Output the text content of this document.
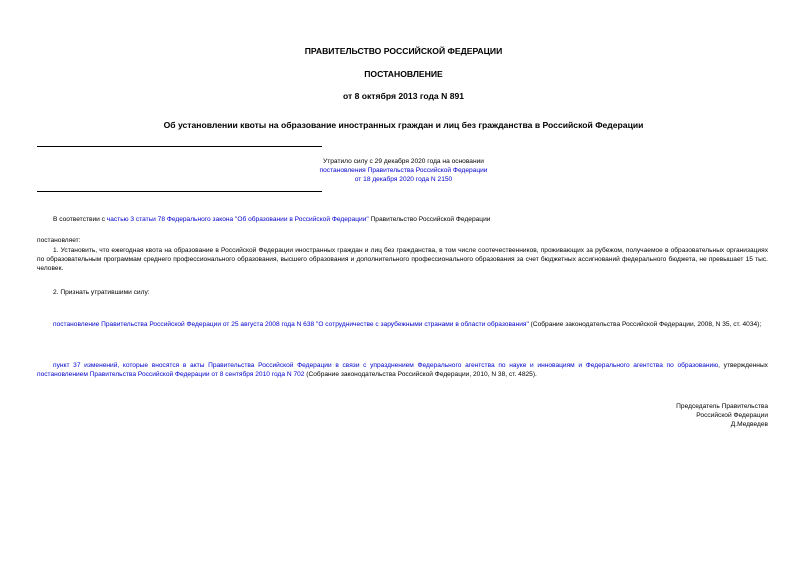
ПРАВИТЕЛЬСТВО РОССИЙСКОЙ ФЕДЕРАЦИИ
ПОСТАНОВЛЕНИЕ
от 8 октября 2013 года N 891
Об установлении квоты на образование иностранных граждан и лиц без гражданства в Российской Федерации
Утратило силу с 29 декабря 2020 года на основании
постановления Правительства Российской Федерации
от 18 декабря 2020 года N 2150
В соответствии с частью 3 статьи 78 Федерального закона "Об образовании в Российской Федерации" Правительство Российской Федерации
постановляет:
1. Установить, что ежегодная квота на образование в Российской Федерации иностранных граждан и лиц без гражданства, в том числе соотечественников, проживающих за рубежом, получаемое в образовательных организациях по образовательным программам среднего профессионального образования, высшего образования и дополнительного профессионального образования за счет бюджетных ассигнований федерального бюджета, не превышает 15 тыс. человек.
2. Признать утратившими силу:
постановление Правительства Российской Федерации от 25 августа 2008 года N 638 "О сотрудничестве с зарубежными странами в области образования" (Собрание законодательства Российской Федерации, 2008, N 35, ст. 4034);
пункт 37 изменений, которые вносятся в акты Правительства Российской Федерации в связи с упразднением Федерального агентства по науке и инновациям и Федерального агентства по образованию, утвержденных постановлением Правительства Российской Федерации от 8 сентября 2010 года N 702 (Собрание законодательства Российской Федерации, 2010, N 38, ст. 4825).
Председатель Правительства
Российской Федерации
Д.Медведев
